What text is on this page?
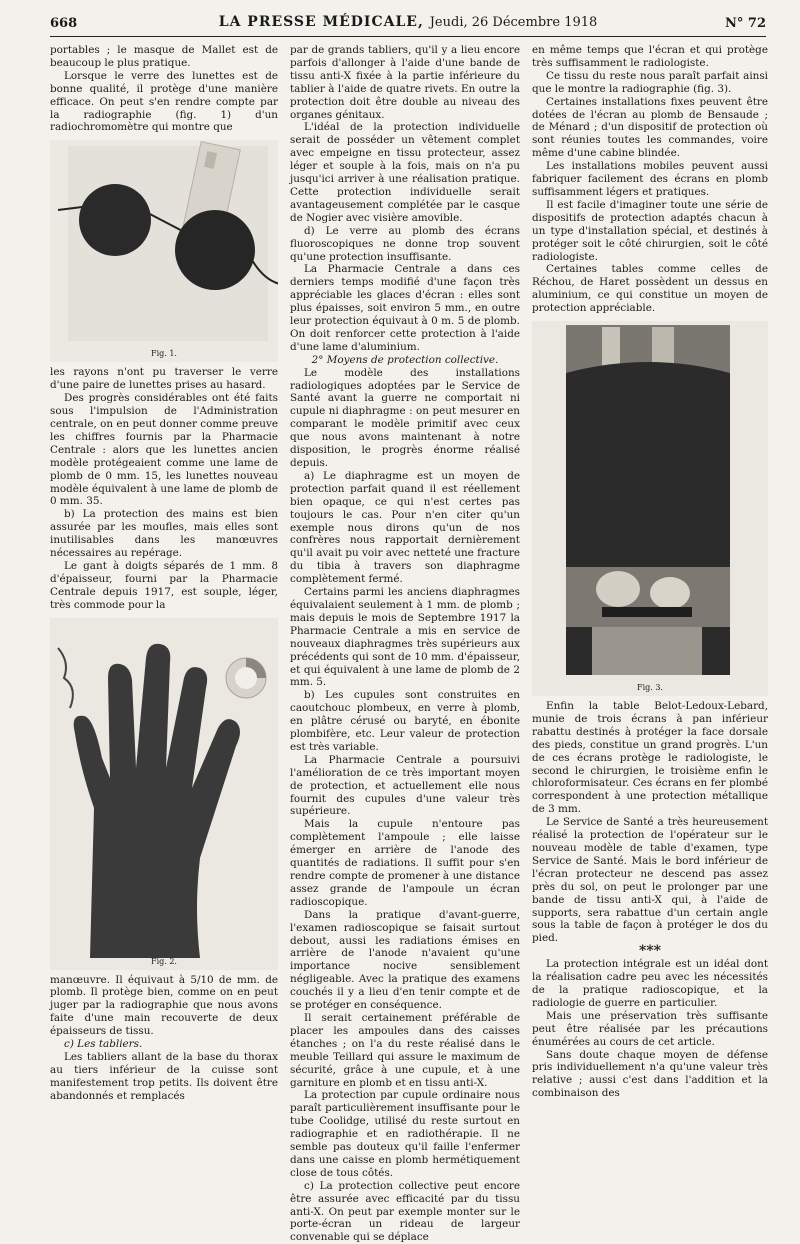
668	LA PRESSE MÉDICALE, Jeudi, 26 Décembre 1918	N° 72

portables ; le masque de Mallet est de beaucoup le plus pratique.

Lorsque le verre des lunettes est de bonne qualité, il protège d'une manière efficace. On peut s'en rendre compte par la radiographie (fig. 1) d'un radiochromomètre qui montre que

Fig. 1.

les rayons n'ont pu traverser le verre d'une paire de lunettes prises au hasard.

Des progrès considérables ont été faits sous l'impulsion de l'Administration centrale, on en peut donner comme preuve les chiffres fournis par la Pharmacie Centrale : alors que les lunettes ancien modèle protégeaient comme une lame de plomb de 0 mm. 15, les lunettes nouveau modèle équivalent à une lame de plomb de 0 mm. 35.

b) La protection des mains est bien assurée par les moufles, mais elles sont inutilisables dans les manœuvres nécessaires au repérage.

Le gant à doigts séparés de 1 mm. 8 d'épaisseur, fourni par la Pharmacie Centrale depuis 1917, est souple, léger, très commode pour la

Fig. 2.

manœuvre. Il équivaut à 5/10 de mm. de plomb. Il protège bien, comme on en peut juger par la radiographie que nous avons faite d'une main recouverte de deux épaisseurs de tissu.

c) Les tabliers.

Les tabliers allant de la base du thorax au tiers inférieur de la cuisse sont manifestement trop petits. Ils doivent être abandonnés et remplacés

par de grands tabliers, qu'il y a lieu encore parfois d'allonger à l'aide d'une bande de tissu anti-X fixée à la partie inférieure du tablier à l'aide de quatre rivets. En outre la protection doit être double au niveau des organes génitaux.

L'idéal de la protection individuelle serait de posséder un vêtement complet avec empeigne en tissu protecteur, assez léger et souple à la fois, mais on n'a pu jusqu'ici arriver à une réalisation pratique. Cette protection individuelle serait avantageusement complétée par le casque de Nogier avec visière amovible.

d) Le verre au plomb des écrans fluoroscopiques ne donne trop souvent qu'une protection insuffisante.

La Pharmacie Centrale a dans ces derniers temps modifié d'une façon très appréciable les glaces d'écran : elles sont plus épaisses, soit environ 5 mm., en outre leur protection équivaut à 0 m. 5 de plomb. On doit renforcer cette protection à l'aide d'une lame d'aluminium.

2° Moyens de protection collective.

Le modèle des installations radiologiques adoptées par le Service de Santé avant la guerre ne comportait ni cupule ni diaphragme : on peut mesurer en comparant le modèle primitif avec ceux que nous avons maintenant à notre disposition, le progrès énorme réalisé depuis.

a) Le diaphragme est un moyen de protection parfait quand il est réellement bien opaque, ce qui n'est certes pas toujours le cas. Pour n'en citer qu'un exemple nous dirons qu'un de nos confrères nous rapportait dernièrement qu'il avait pu voir avec netteté une fracture du tibia à travers son diaphragme complètement fermé.

Certains parmi les anciens diaphragmes équivalaient seulement à 1 mm. de plomb ; mais depuis le mois de Septembre 1917 la Pharmacie Centrale a mis en service de nouveaux diaphragmes très supérieurs aux précédents qui sont de 10 mm. d'épaisseur, et qui équivalent à une lame de plomb de 2 mm. 5.

b) Les cupules sont construites en caoutchouc plombeux, en verre à plomb, en plâtre cérusé ou baryté, en ébonite plombifère, etc. Leur valeur de protection est très variable.

La Pharmacie Centrale a poursuivi l'amélioration de ce très important moyen de protection, et actuellement elle nous fournit des cupules d'une valeur très supérieure.

Mais la cupule n'entoure pas complètement l'ampoule ; elle laisse émerger en arrière de l'anode des quantités de radiations. Il suffit pour s'en rendre compte de promener à une distance assez grande de l'ampoule un écran radioscopique.

Dans la pratique d'avant-guerre, l'examen radioscopique se faisait surtout debout, aussi les radiations émises en arrière de l'anode n'avaient qu'une importance nocive sensiblement négligeable. Avec la pratique des examens couchés il y a lieu d'en tenir compte et de se protéger en conséquence.

Il serait certainement préférable de placer les ampoules dans des caisses étanches ; on l'a du reste réalisé dans le meuble Teillard qui assure le maximum de sécurité, grâce à une cupule, et à une garniture en plomb et en tissu anti-X.

La protection par cupule ordinaire nous paraît particulièrement insuffisante pour le tube Coolidge, utilisé du reste surtout en radiographie et en radiothérapie. Il ne semble pas douteux qu'il faille l'enfermer dans une caisse en plomb hermétiquement close de tous côtés.

c) La protection collective peut encore être assurée avec efficacité par du tissu anti-X. On peut par exemple monter sur le porte-écran un rideau de largeur convenable qui se déplace

en même temps que l'écran et qui protège très suffisamment le radiologiste.

Ce tissu du reste nous paraît parfait ainsi que le montre la radiographie (fig. 3).

Certaines installations fixes peuvent être dotées de l'écran au plomb de Bensaude ; de Ménard ; d'un dispositif de protection où sont réunies toutes les commandes, voire même d'une cabine blindée.

Les installations mobiles peuvent aussi fabriquer facilement des écrans en plomb suffisamment légers et pratiques.

Il est facile d'imaginer toute une série de dispositifs de protection adaptés chacun à un type d'installation spécial, et destinés à protéger soit le côté chirurgien, soit le côté radiologiste.

Certaines tables comme celles de Réchou, de Haret possèdent un dessus en aluminium, ce qui constitue un moyen de protection appréciable.

Fig. 3.

Enfin la table Belot-Ledoux-Lebard, munie de trois écrans à pan inférieur rabattu destinés à protéger la face dorsale des pieds, constitue un grand progrès. L'un de ces écrans protège le radiologiste, le second le chirurgien, le troisième enfin le chloroformisateur. Ces écrans en fer plombé correspondent à une protection métallique de 3 mm.

Le Service de Santé a très heureusement réalisé la protection de l'opérateur sur le nouveau modèle de table d'examen, type Service de Santé. Mais le bord inférieur de l'écran protecteur ne descend pas assez près du sol, on peut le prolonger par une bande de tissu anti-X qui, à l'aide de supports, sera rabattue d'un certain angle sous la table de façon à protéger le dos du pied.

***

La protection intégrale est un idéal dont la réalisation cadre peu avec les nécessités de la pratique radioscopique, et la radiologie de guerre en particulier.

Mais une préservation très suffisante peut être réalisée par les précautions énumérées au cours de cet article.

Sans doute chaque moyen de défense pris individuellement n'a qu'une valeur très relative ; aussi c'est dans l'addition et la combinaison des
